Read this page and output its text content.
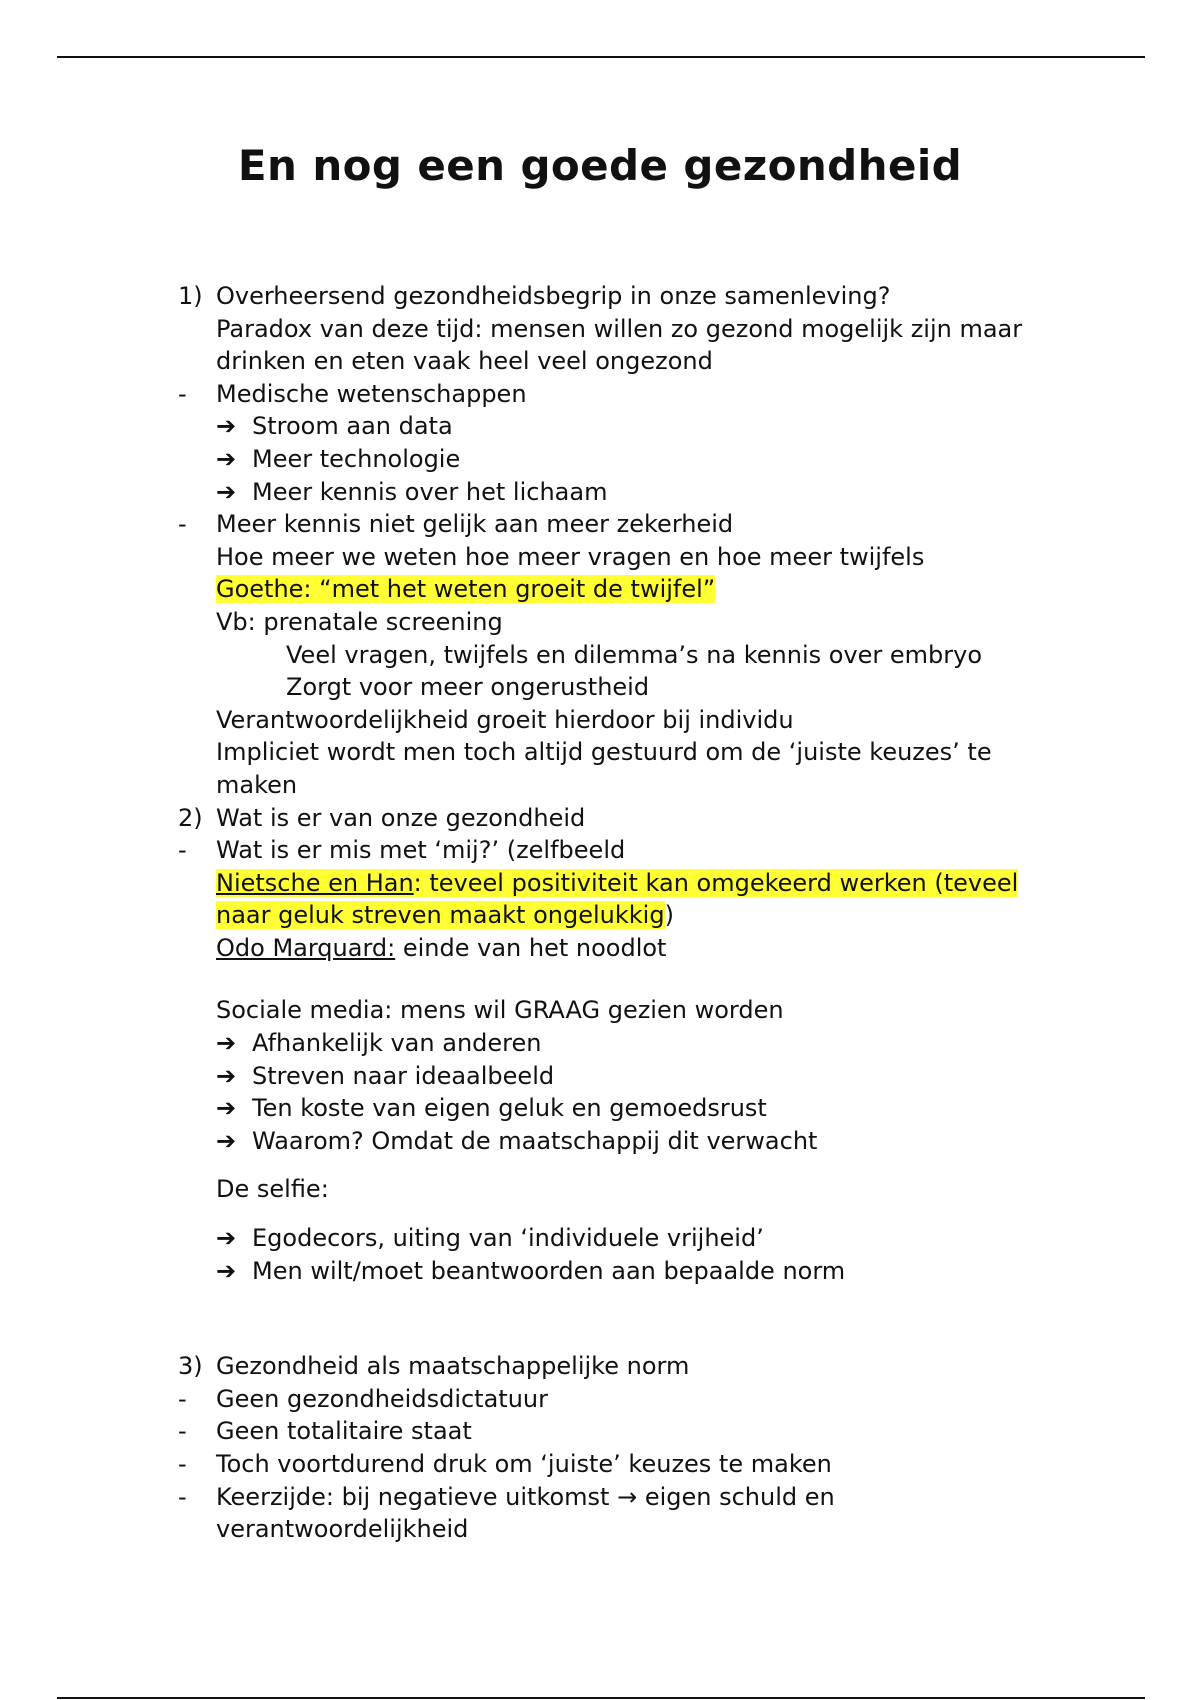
En nog een goede gezondheid
1) Overheersend gezondheidsbegrip in onze samenleving?
Paradox van deze tijd: mensen willen zo gezond mogelijk zijn maar
drinken en eten vaak heel veel ongezond
- Medische wetenschappen
➔ Stroom aan data
➔ Meer technologie
➔ Meer kennis over het lichaam
- Meer kennis niet gelijk aan meer zekerheid
Hoe meer we weten hoe meer vragen en hoe meer twijfels
Goethe: “met het weten groeit de twijfel”
Vb: prenatale screening
Veel vragen, twijfels en dilemma’s na kennis over embryo
Zorgt voor meer ongerustheid
Verantwoordelijkheid groeit hierdoor bij individu
Impliciet wordt men toch altijd gestuurd om de ‘juiste keuzes’ te
maken
2) Wat is er van onze gezondheid
- Wat is er mis met ‘mij?’ (zelfbeeld
Nietsche en Han: teveel positiviteit kan omgekeerd werken (teveel
naar geluk streven maakt ongelukkig)
Odo Marquard: einde van het noodlot
Sociale media: mens wil GRAAG gezien worden
➔ Afhankelijk van anderen
➔ Streven naar ideaalbeeld
➔ Ten koste van eigen geluk en gemoedsrust
➔ Waarom? Omdat de maatschappij dit verwacht
De selfie:
➔ Egodecors, uiting van ‘individuele vrijheid’
➔ Men wilt/moet beantwoorden aan bepaalde norm
3) Gezondheid als maatschappelijke norm
- Geen gezondheidsdictatuur
- Geen totalitaire staat
- Toch voortdurend druk om ‘juiste’ keuzes te maken
- Keerzijde: bij negatieve uitkomst → eigen schuld en
verantwoordelijkheid
